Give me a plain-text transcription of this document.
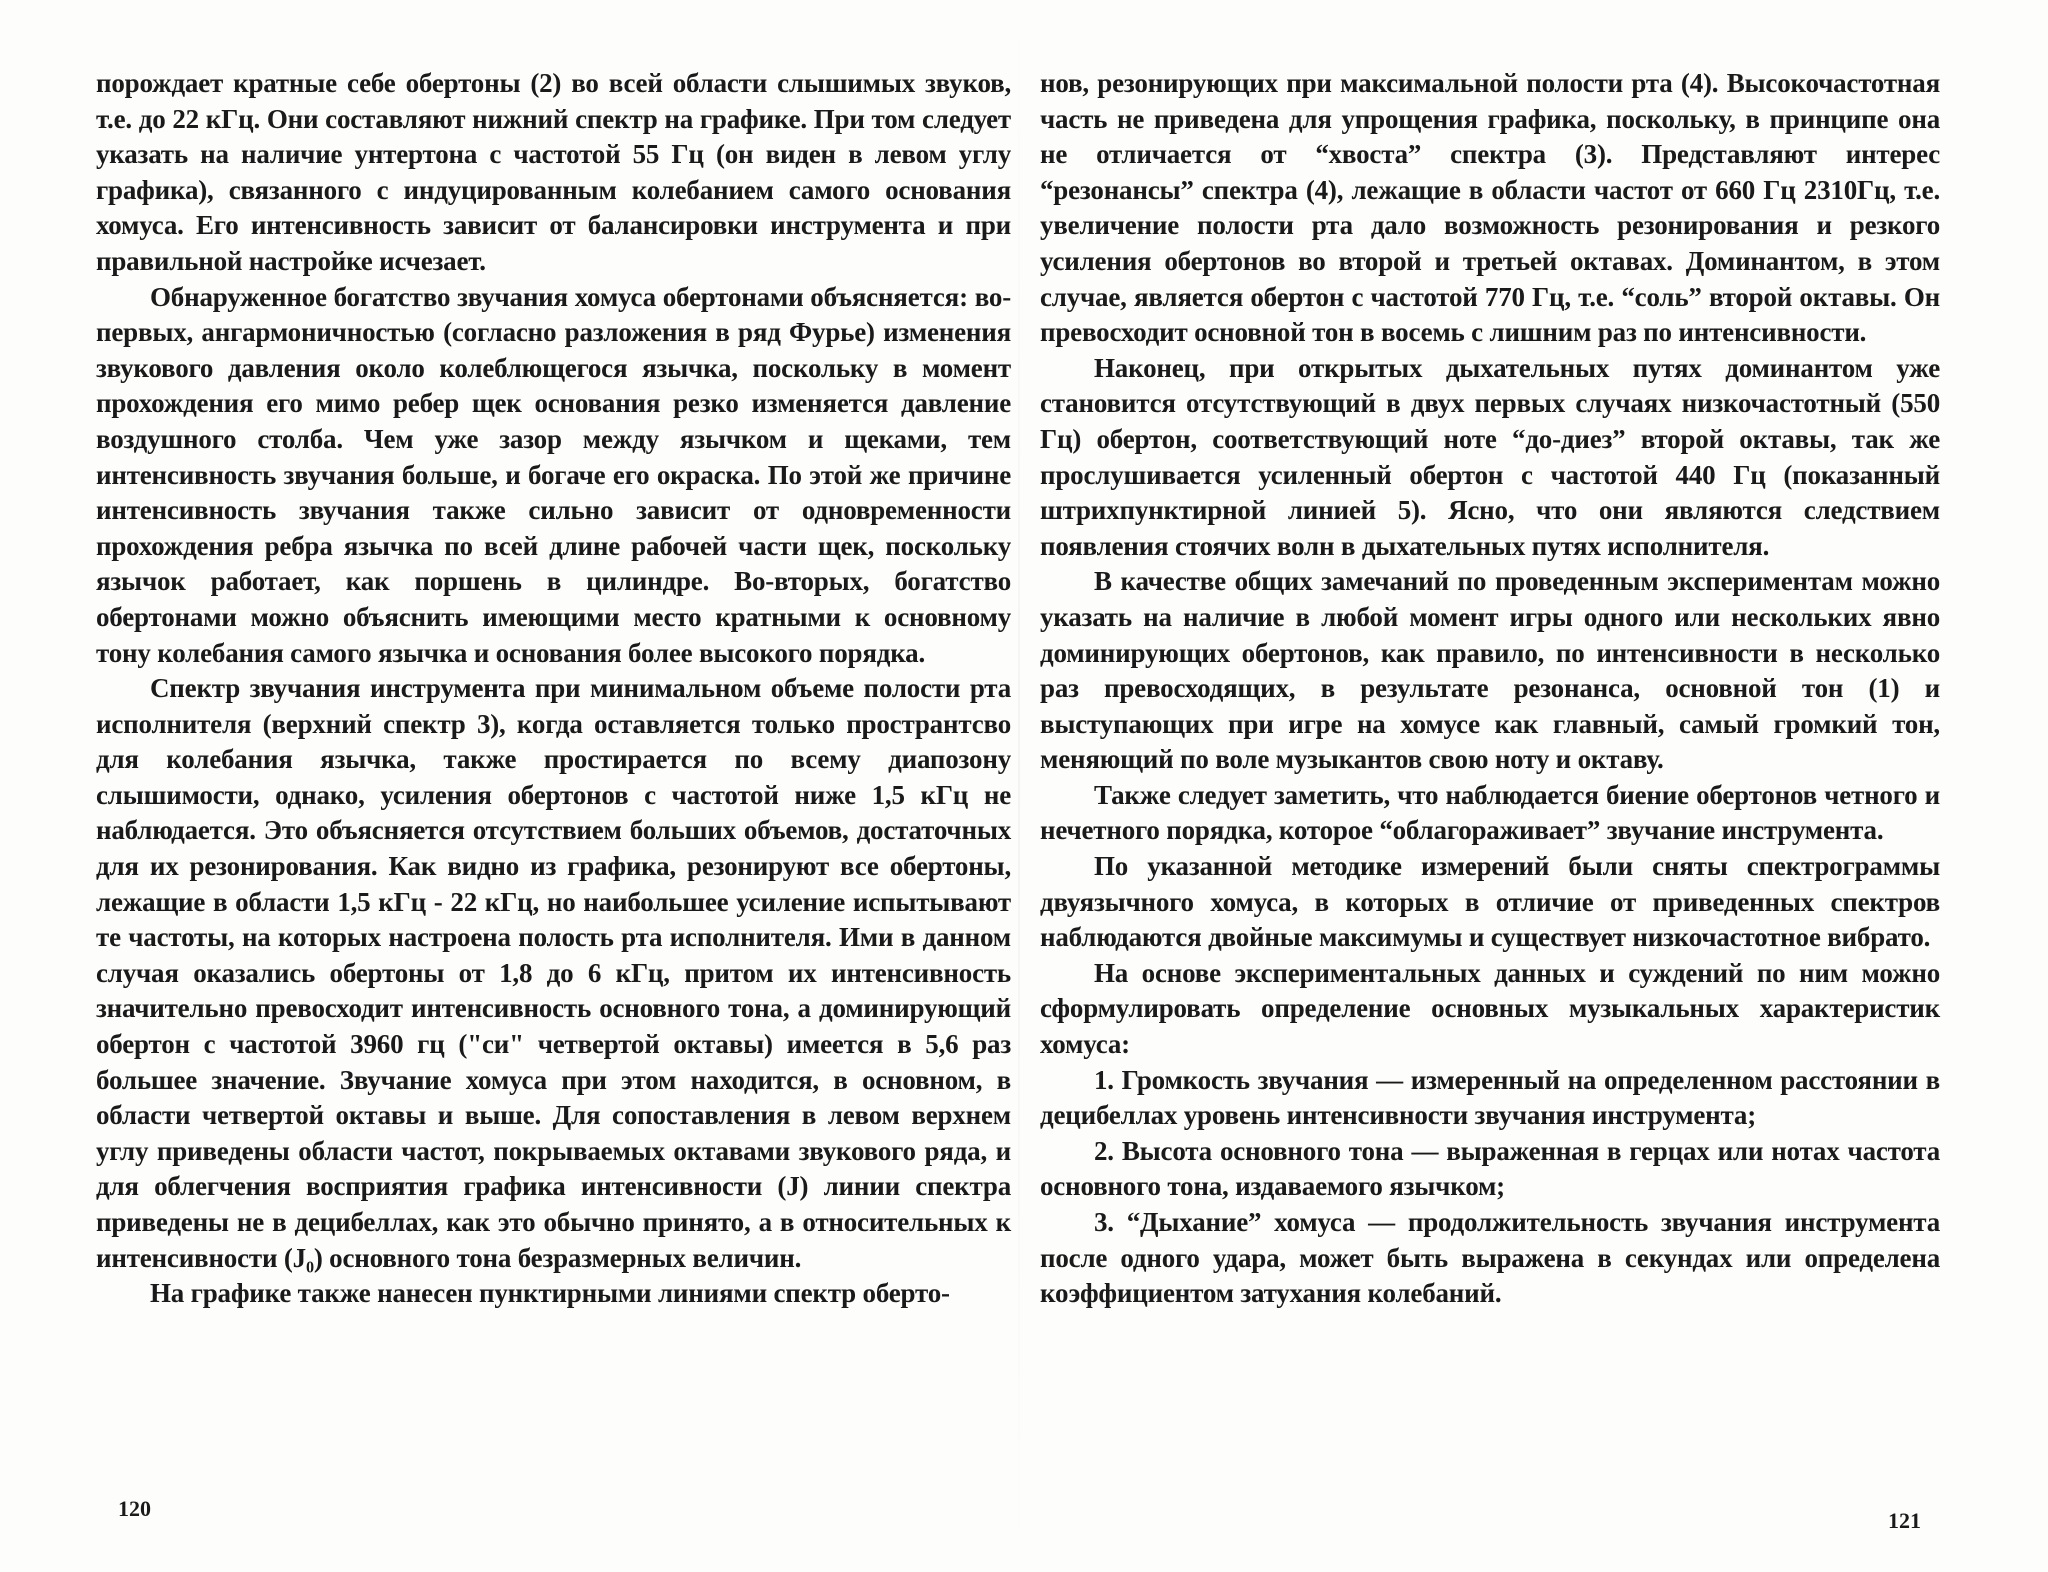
порождает кратные себе обертоны (2) во всей области слышимых звуков, т.е. до 22 кГц. Они составляют нижний спектр на графике. При том следует указать на наличие унтертона с частотой 55 Гц (он виден в левом углу графика), связанного с индуцированным колебанием самого основания хомуса. Его интенсивность зависит от балансировки инструмента и при правильной настройке исчезает.

Обнаруженное богатство звучания хомуса обертонами объясняется: во-первых, ангармоничностью (согласно разложения в ряд Фурье) изменения звукового давления около колеблющегося язычка, поскольку в момент прохождения его мимо ребер щек основания резко изменяется давление воздушного столба. Чем уже зазор между язычком и щеками, тем интенсивность звучания больше, и богаче его окраска. По этой же причине интенсивность звучания также сильно зависит от одновременности прохождения ребра язычка по всей длине рабочей части щек, поскольку язычок работает, как поршень в цилиндре. Во-вторых, богатство обертонами можно объяснить имеющими место кратными к основному тону колебания самого язычка и основания более высокого порядка.

Спектр звучания инструмента при минимальном объеме полости рта исполнителя (верхний спектр 3), когда оставляется только пространтсво для колебания язычка, также простирается по всему диапозону слышимости, однако, усиления обертонов с частотой ниже 1,5 кГц не наблюдается. Это объясняется отсутствием больших объемов, достаточных для их резонирования. Как видно из графика, резонируют все обертоны, лежащие в области 1,5 кГц - 22 кГц, но наибольшее усиление испытывают те частоты, на которых настроена полость рта исполнителя. Ими в данном случая оказались обертоны от 1,8 до 6 кГц, притом их интенсивность значительно превосходит интенсивность основного тона, а доминирующий обертон с частотой 3960 гц ("си" четвертой октавы) имеется в 5,6 раз большее значение. Звучание хомуса при этом находится, в основном, в области четвертой октавы и выше. Для сопоставления в левом верхнем углу приведены области частот, покрываемых октавами звукового ряда, и для облегчения восприятия графика интенсивности (J) линии спектра приведены не в децибеллах, как это обычно принято, а в относительных к интенсивности (J₀) основного тона безразмерных величин.

На графике также нанесен пунктирными линиями спектр оберто-

нов, резонирующих при максимальной полости рта (4). Высокочастотная часть не приведена для упрощения графика, поскольку, в принципе она не отличается от “хвоста” спектра (3). Представляют интерес “резонансы” спектра (4), лежащие в области частот от 660 Гц 2310Гц, т.е. увеличение полости рта дало возможность резонирования и резкого усиления обертонов во второй и третьей октавах. Доминантом, в этом случае, является обертон с частотой 770 Гц, т.е. “соль” второй октавы. Он превосходит основной тон в восемь с лишним раз по интенсивности.

Наконец, при открытых дыхательных путях доминантом уже становится отсутствующий в двух первых случаях низкочастотный (550 Гц) обертон, соответствующий ноте “до-диез” второй октавы, так же прослушивается усиленный обертон с частотой 440 Гц (показанный штрихпунктирной линией 5). Ясно, что они являются следствием появления стоячих волн в дыхательных путях исполнителя.

В качестве общих замечаний по проведенным экспериментам можно указать на наличие в любой момент игры одного или нескольких явно доминирующих обертонов, как правило, по интенсивности в несколько раз превосходящих, в результате резонанса, основной тон (1) и выступающих при игре на хомусе как главный, самый громкий тон, меняющий по воле музыкантов свою ноту и октаву.

Также следует заметить, что наблюдается биение обертонов четного и нечетного порядка, которое “облагораживает” звучание инструмента.

По указанной методике измерений были сняты спектрограммы двуязычного хомуса, в которых в отличие от приведенных спектров наблюдаются двойные максимумы и существует низкочастотное вибрато.

На основе экспериментальных данных и суждений по ним можно сформулировать определение основных музыкальных характеристик хомуса:

1. Громкость звучания — измеренный на определенном расстоянии в децибеллах уровень интенсивности звучания инструмента;

2. Высота основного тона — выраженная в герцах или нотах частота основного тона, издаваемого язычком;

3. “Дыхание” хомуса — продолжительность звучания инструмента после одного удара, может быть выражена в секундах или определена коэффициентом затухания колебаний.

120	121
